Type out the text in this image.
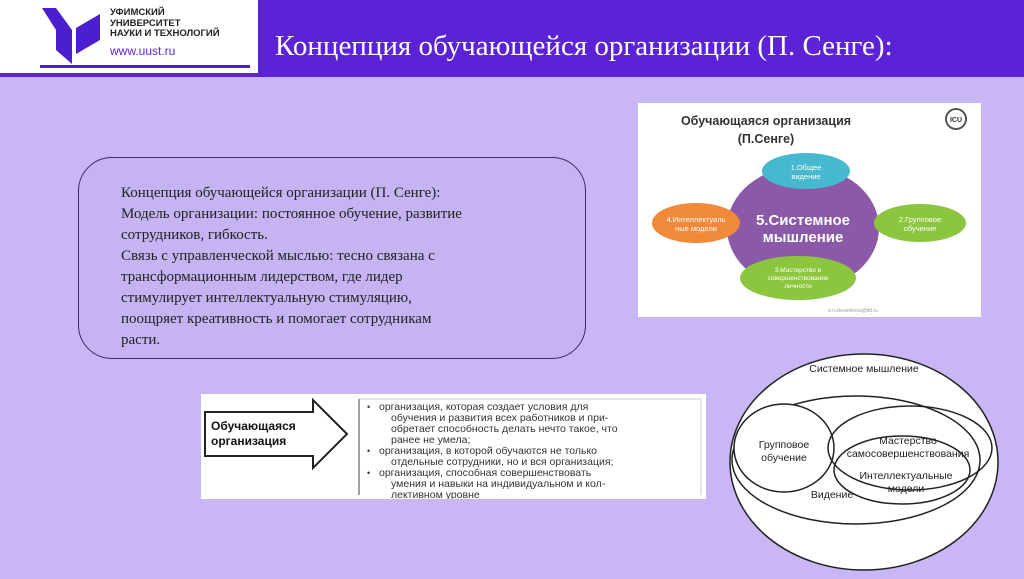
УФИМСКИЙ
УНИВЕРСИТЕТ
НАУКИ И ТЕХНОЛОГИЙ
www.uust.ru	Концепция обучающейся организации (П. Сенге):
Концепция обучающейся организации (П. Сенге):
Модель организации: постоянное обучение, развитие
сотрудников, гибкость.
Связь с управленческой мыслью: тесно связана с
трансформационным лидерством, где лидер
стимулирует интеллектуальную стимуляцию,
поощряет креативность и помогает сотрудникам
расти.
Обучающаяся организация
(П.Сенге)
ICU
5.Системное
мышление
1.Общее
видение
2.Групповое
обучение
3.Мастерство в
совершенствовании
личности
4.Интеллектуаль
ные модели
e.n.elesenkova@itd.ru
Обучающаяся
организация
•
•
•
организация, которая создает условия для
обучения и развития всех работников и при-
обретает способность делать нечто такое, что
ранее не умела;
организация, в которой обучаются не только
отдельные сотрудники, но и вся организация;
организация, способная совершенствовать
умения и навыки на индивидуальном и кол-
лективном уровне
Системное мышление
Групповое
обучение
Мастерство
самосовершенствования
Интеллектуальные
модели
Видение
